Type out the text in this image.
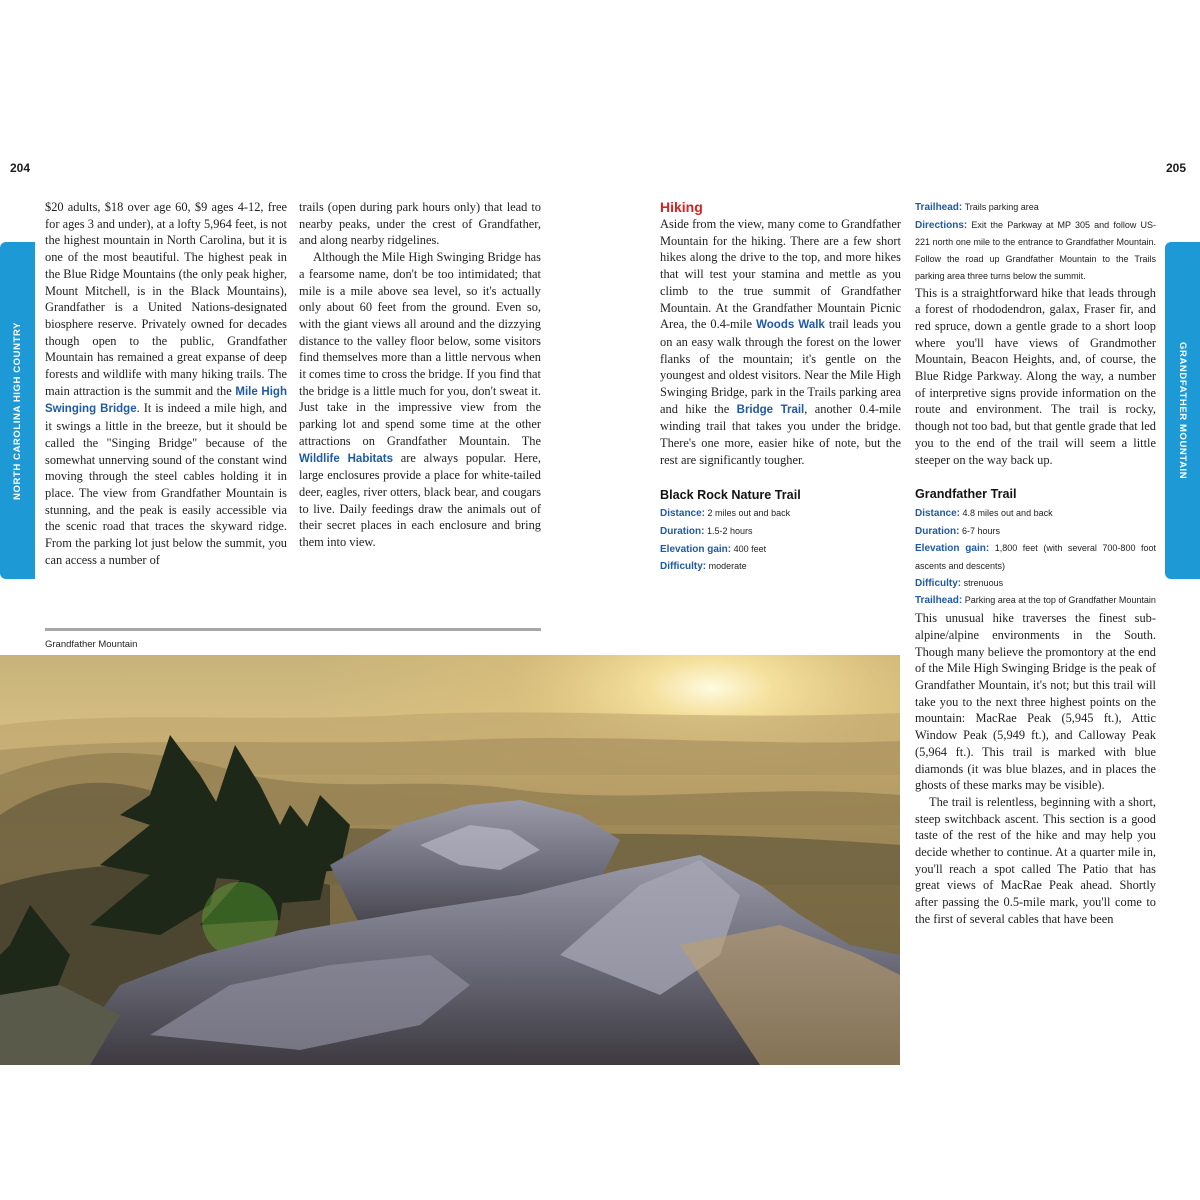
204	205
NORTH CAROLINA HIGH COUNTRY	GRANDFATHER MOUNTAIN

$20 adults, $18 over age 60, $9 ages 4-12, free for ages 3 and under), at a lofty 5,964 feet, is not the highest mountain in North Carolina, but it is one of the most beautiful. The highest peak in the Blue Ridge Mountains (the only peak higher, Mount Mitchell, is in the Black Mountains), Grandfather is a United Nations-designated biosphere reserve. Privately owned for decades though open to the public, Grandfather Mountain has remained a great expanse of deep forests and wildlife with many hiking trails. The main attraction is the summit and the Mile High Swinging Bridge. It is indeed a mile high, and it swings a little in the breeze, but it should be called the "Singing Bridge" because of the somewhat unnerving sound of the constant wind moving through the steel cables holding it in place. The view from Grandfather Mountain is stunning, and the peak is easily accessible via the scenic road that traces the skyward ridge. From the parking lot just below the summit, you can access a number of

trails (open during park hours only) that lead to nearby peaks, under the crest of Grandfather, and along nearby ridgelines.

Although the Mile High Swinging Bridge has a fearsome name, don't be too intimidated; that mile is a mile above sea level, so it's actually only about 60 feet from the ground. Even so, with the giant views all around and the dizzying distance to the valley floor below, some visitors find themselves more than a little nervous when it comes time to cross the bridge. If you find that the bridge is a little much for you, don't sweat it. Just take in the impressive view from the parking lot and spend some time at the other attractions on Grandfather Mountain. The Wildlife Habitats are always popular. Here, large enclosures provide a place for white-tailed deer, eagles, river otters, black bear, and cougars to live. Daily feedings draw the animals out of their secret places in each enclosure and bring them into view.

Grandfather Mountain
Hiking

Aside from the view, many come to Grandfather Mountain for the hiking. There are a few short hikes along the drive to the top, and more hikes that will test your stamina and mettle as you climb to the true summit of Grandfather Mountain. At the Grandfather Mountain Picnic Area, the 0.4-mile Woods Walk trail leads you on an easy walk through the forest on the lower flanks of the mountain; it's gentle on the youngest and oldest visitors. Near the Mile High Swinging Bridge, park in the Trails parking area and hike the Bridge Trail, another 0.4-mile winding trail that takes you under the bridge. There's one more, easier hike of note, but the rest are significantly tougher.

Black Rock Nature Trail
Distance: 2 miles out and back
Duration: 1.5-2 hours
Elevation gain: 400 feet
Difficulty: moderate
Trailhead: Trails parking area
Directions: Exit the Parkway at MP 305 and follow US-221 north one mile to the entrance to Grandfather Mountain. Follow the road up Grandfather Mountain to the Trails parking area three turns below the summit.

This is a straightforward hike that leads through a forest of rhododendron, galax, Fraser fir, and red spruce, down a gentle grade to a short loop where you'll have views of Grandmother Mountain, Beacon Heights, and, of course, the Blue Ridge Parkway. Along the way, a number of interpretive signs provide information on the route and environment. The trail is rocky, though not too bad, but that gentle grade that led you to the end of the trail will seem a little steeper on the way back up.

Grandfather Trail
Distance: 4.8 miles out and back
Duration: 6-7 hours
Elevation gain: 1,800 feet (with several 700-800 foot ascents and descents)
Difficulty: strenuous
Trailhead: Parking area at the top of Grandfather Mountain

This unusual hike traverses the finest sub-alpine/alpine environments in the South. Though many believe the promontory at the end of the Mile High Swinging Bridge is the peak of Grandfather Mountain, it's not; but this trail will take you to the next three highest points on the mountain: MacRae Peak (5,945 ft.), Attic Window Peak (5,949 ft.), and Calloway Peak (5,964 ft.). This trail is marked with blue diamonds (it was blue blazes, and in places the ghosts of these marks may be visible).

The trail is relentless, beginning with a short, steep switchback ascent. This section is a good taste of the rest of the hike and may help you decide whether to continue. At a quarter mile in, you'll reach a spot called The Patio that has great views of MacRae Peak ahead. Shortly after passing the 0.5-mile mark, you'll come to the first of several cables that have been
